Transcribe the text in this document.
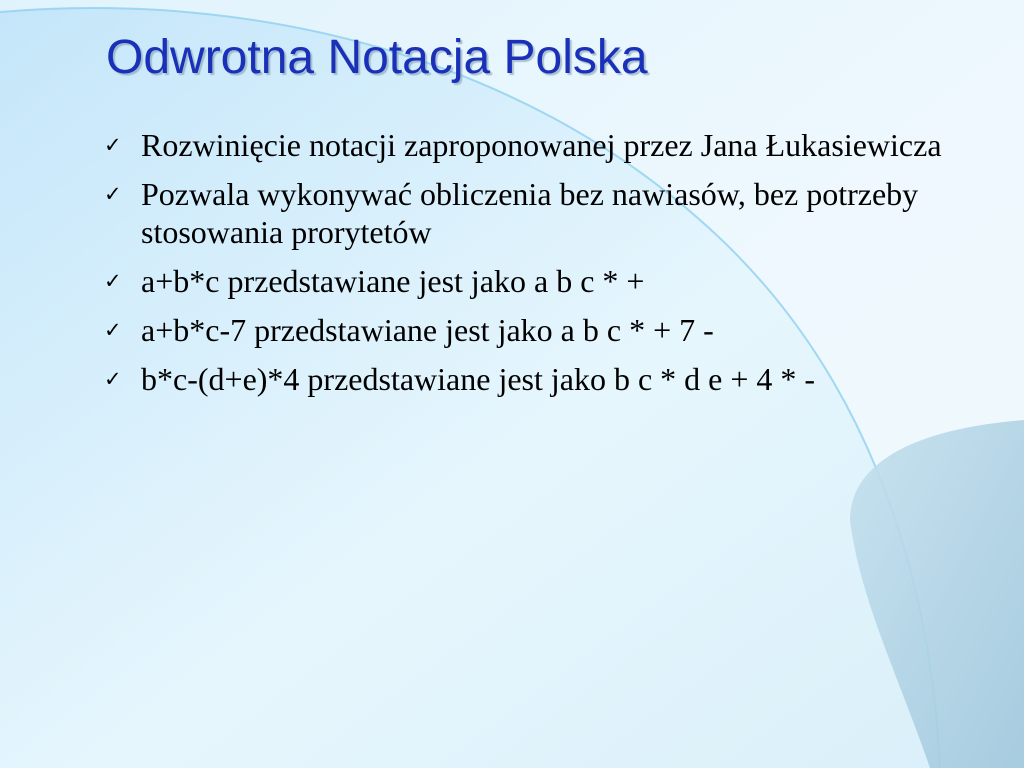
Odwrotna Notacja Polska
✓ Rozwinięcie notacji zaproponowanej przez Jana Łukasiewicza
✓ Pozwala wykonywać obliczenia bez nawiasów, bez potrzeby stosowania prorytetów
✓ a+b*c przedstawiane jest jako a b c * +
✓ a+b*c-7 przedstawiane jest jako a b c * + 7 -
✓ b*c-(d+e)*4 przedstawiane jest jako b c * d e + 4 * -
